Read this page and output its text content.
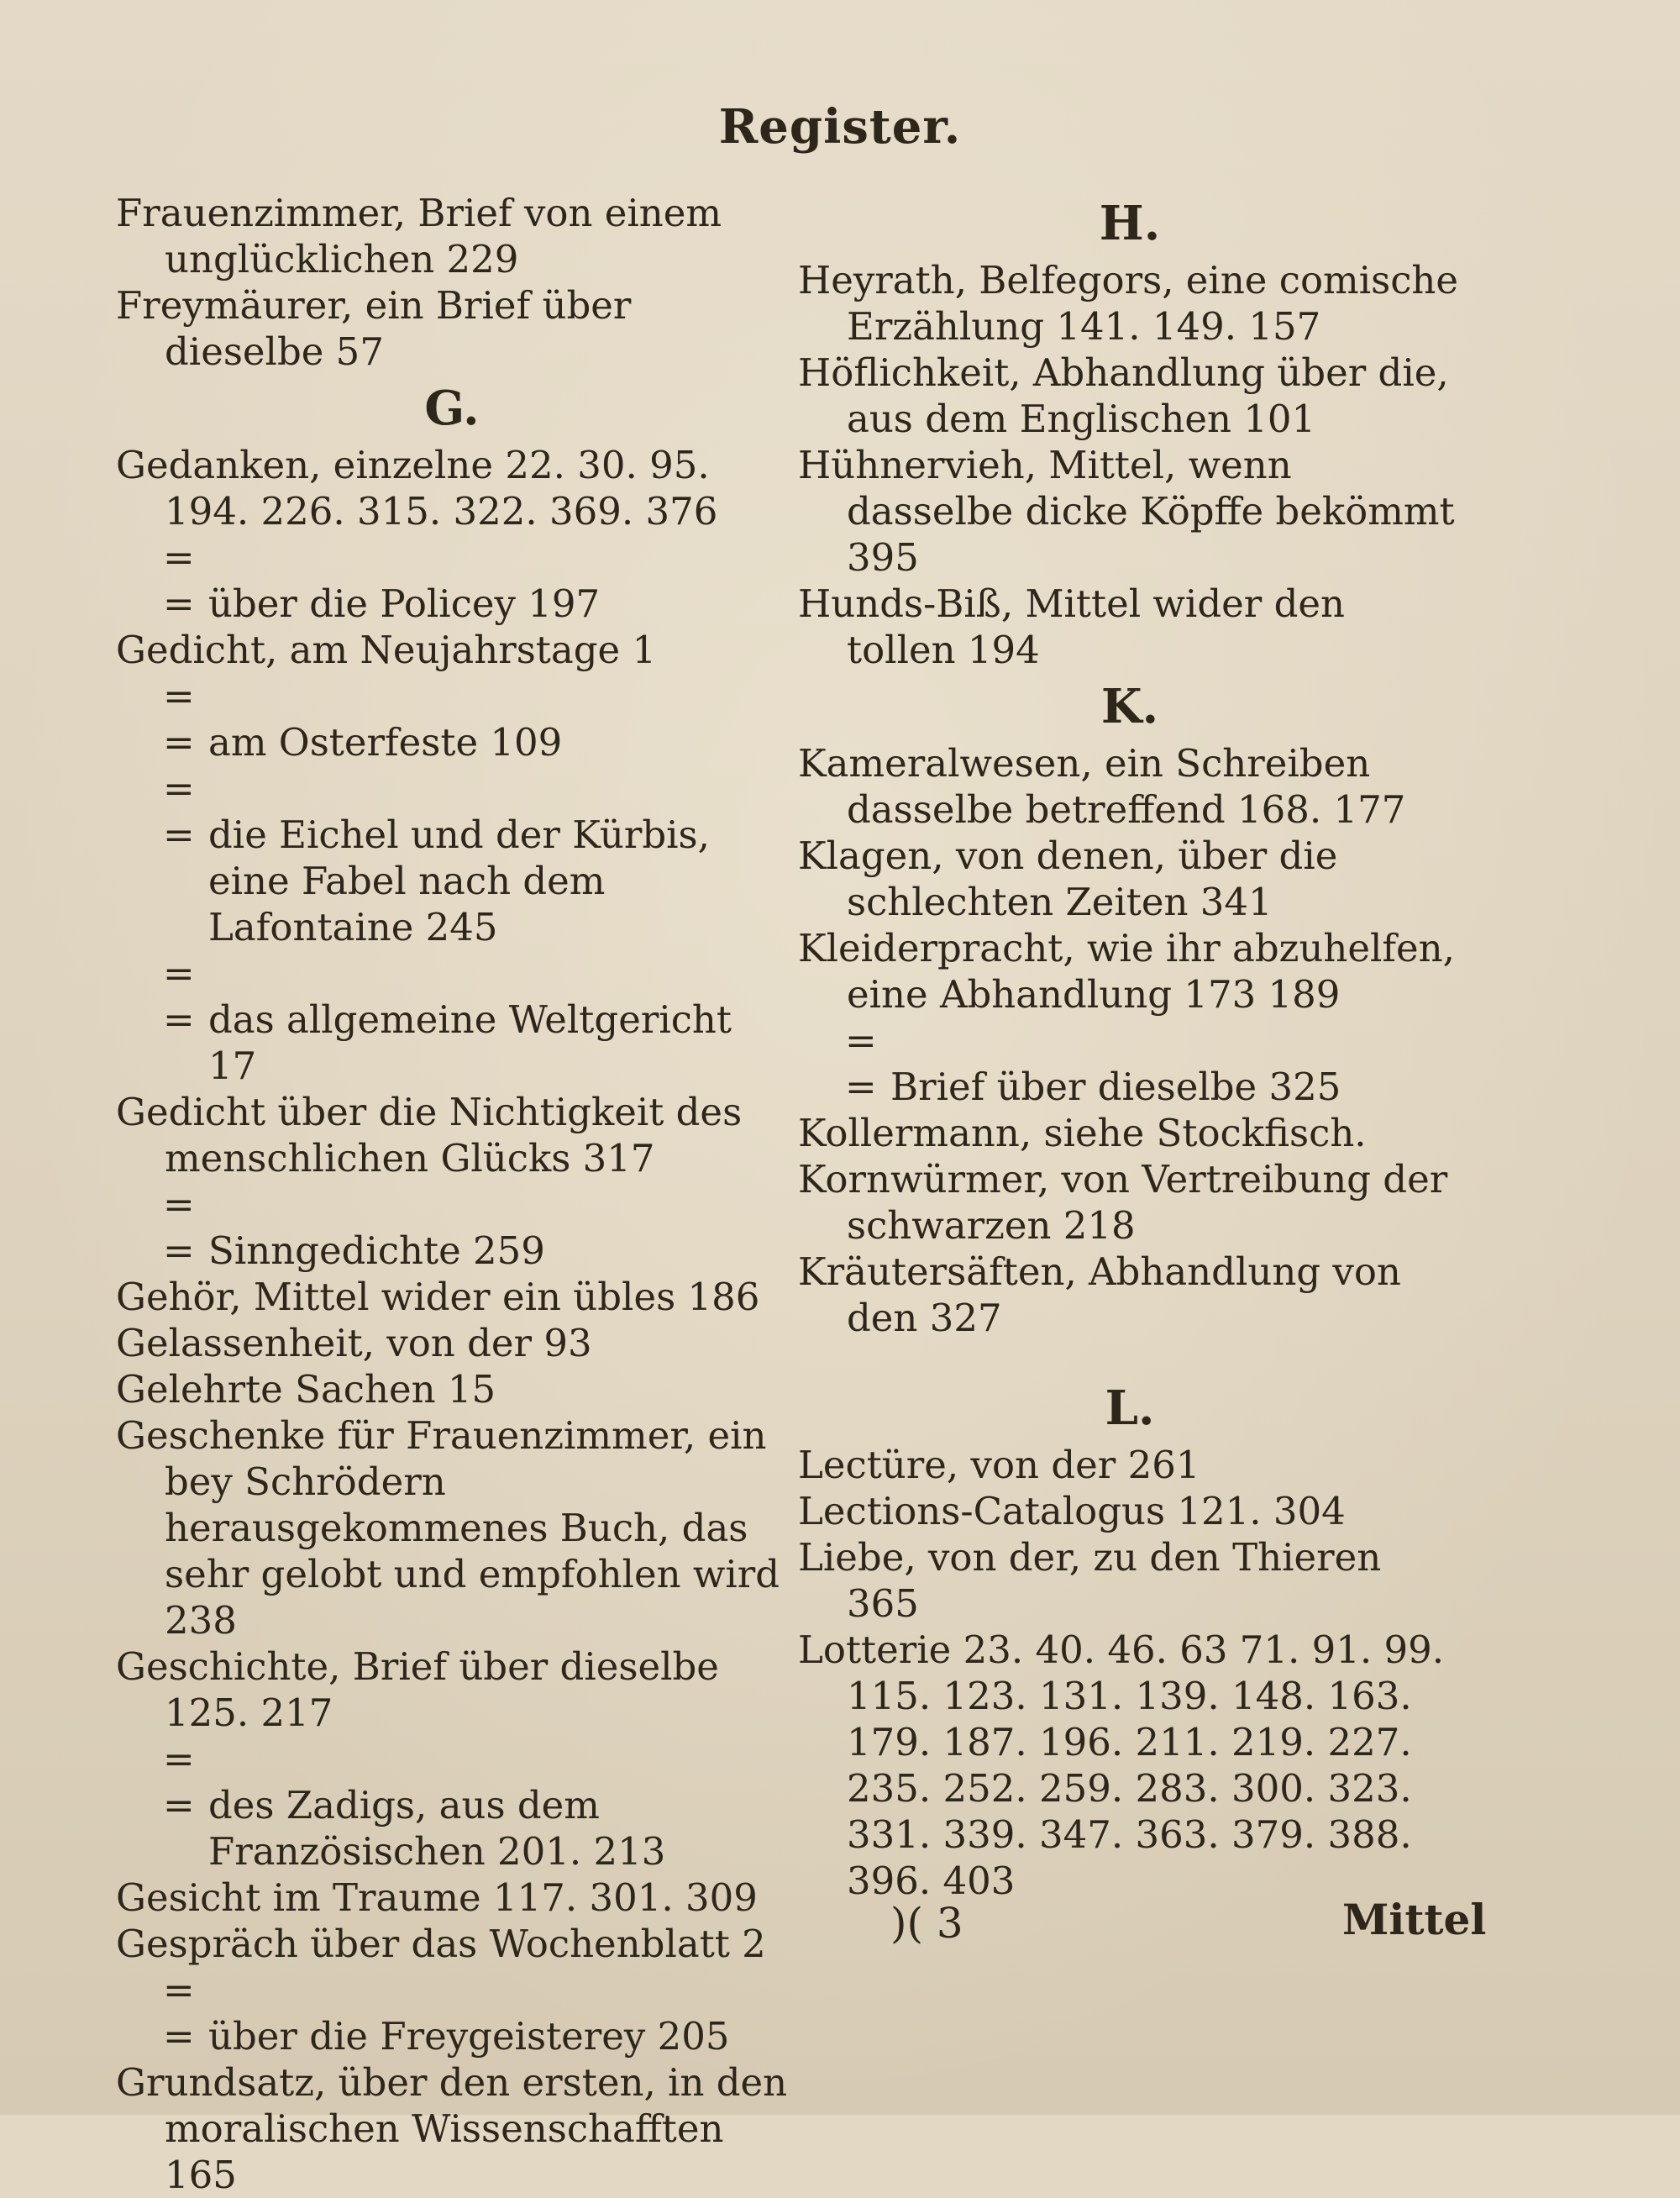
Register.
Frauenzimmer, Brief von einem unglücklichen 229
Freymäurer, ein Brief über dieselbe 57
G.
Gedanken, einzelne 22. 30. 95. 194. 226. 315. 322. 369. 376
= = über die Policey 197
Gedicht, am Neujahrstage 1
= = am Osterfeste 109
= = die Eichel und der Kürbis, eine Fabel nach dem Lafontaine 245
= = das allgemeine Weltgericht 17
Gedicht über die Nichtigkeit des menschlichen Glücks 317
= = Sinngedichte 259
Gehör, Mittel wider ein übles 186
Gelassenheit, von der 93
Gelehrte Sachen 15
Geschenke für Frauenzimmer, ein bey Schrödern herausgekommenes Buch, das sehr gelobt und empfohlen wird 238
Geschichte, Brief über dieselbe 125. 217
= = des Zadigs, aus dem Französischen 201. 213
Gesicht im Traume 117. 301. 309
Gespräch über das Wochenblatt 2
= = über die Freygeisterey 205
Grundsatz, über den ersten, in den moralischen Wissenschafften 165
H.
Heyrath, Belfegors, eine comische Erzählung 141. 149. 157
Höflichkeit, Abhandlung über die, aus dem Englischen 101
Hühnervieh, Mittel, wenn dasselbe dicke Köpffe bekömmt 395
Hunds-Biß, Mittel wider den tollen 194
K.
Kameralwesen, ein Schreiben dasselbe betreffend 168. 177
Klagen, von denen, über die schlechten Zeiten 341
Kleiderpracht, wie ihr abzuhelfen, eine Abhandlung 173 189
= = Brief über dieselbe 325
Kollermann, siehe Stockfisch.
Kornwürmer, von Vertreibung der schwarzen 218
Kräutersäften, Abhandlung von den 327
L.
Lectüre, von der 261
Lections-Catalogus 121. 304
Liebe, von der, zu den Thieren 365
Lotterie 23. 40. 46. 63 71. 91. 99. 115. 123. 131. 139. 148. 163. 179. 187. 196. 211. 219. 227. 235. 252. 259. 283. 300. 323. 331. 339. 347. 363. 379. 388. 396. 403
)( 3	Mittel
